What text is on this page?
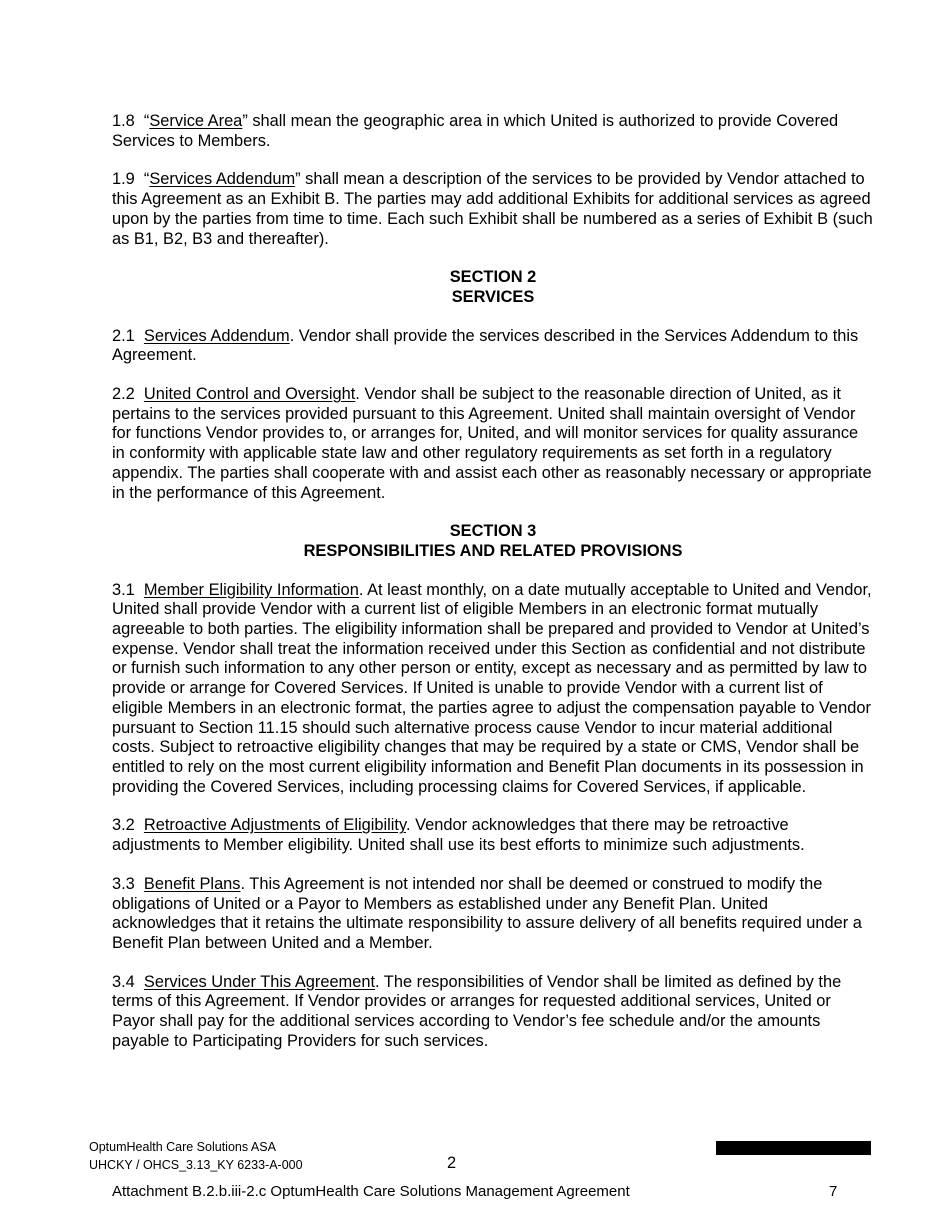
1.8 “Service Area” shall mean the geographic area in which United is authorized to provide Covered Services to Members.

1.9 “Services Addendum” shall mean a description of the services to be provided by Vendor attached to this Agreement as an Exhibit B. The parties may add additional Exhibits for additional services as agreed upon by the parties from time to time. Each such Exhibit shall be numbered as a series of Exhibit B (such as B1, B2, B3 and thereafter).

SECTION 2
SERVICES

2.1 Services Addendum. Vendor shall provide the services described in the Services Addendum to this Agreement.

2.2 United Control and Oversight. Vendor shall be subject to the reasonable direction of United, as it pertains to the services provided pursuant to this Agreement. United shall maintain oversight of Vendor for functions Vendor provides to, or arranges for, United, and will monitor services for quality assurance in conformity with applicable state law and other regulatory requirements as set forth in a regulatory appendix. The parties shall cooperate with and assist each other as reasonably necessary or appropriate in the performance of this Agreement.

SECTION 3
RESPONSIBILITIES AND RELATED PROVISIONS

3.1 Member Eligibility Information. At least monthly, on a date mutually acceptable to United and Vendor, United shall provide Vendor with a current list of eligible Members in an electronic format mutually agreeable to both parties. The eligibility information shall be prepared and provided to Vendor at United’s expense. Vendor shall treat the information received under this Section as confidential and not distribute or furnish such information to any other person or entity, except as necessary and as permitted by law to provide or arrange for Covered Services. If United is unable to provide Vendor with a current list of eligible Members in an electronic format, the parties agree to adjust the compensation payable to Vendor pursuant to Section 11.15 should such alternative process cause Vendor to incur material additional costs. Subject to retroactive eligibility changes that may be required by a state or CMS, Vendor shall be entitled to rely on the most current eligibility information and Benefit Plan documents in its possession in providing the Covered Services, including processing claims for Covered Services, if applicable.

3.2 Retroactive Adjustments of Eligibility. Vendor acknowledges that there may be retroactive adjustments to Member eligibility. United shall use its best efforts to minimize such adjustments.

3.3 Benefit Plans. This Agreement is not intended nor shall be deemed or construed to modify the obligations of United or a Payor to Members as established under any Benefit Plan. United acknowledges that it retains the ultimate responsibility to assure delivery of all benefits required under a Benefit Plan between United and a Member.

3.4 Services Under This Agreement. The responsibilities of Vendor shall be limited as defined by the terms of this Agreement. If Vendor provides or arranges for requested additional services, United or Payor shall pay for the additional services according to Vendor’s fee schedule and/or the amounts payable to Participating Providers for such services.

OptumHealth Care Solutions ASA
UHCKY / OHCS_3.13_KY 6233-A-000	2
Attachment B.2.b.iii-2.c OptumHealth Care Solutions Management Agreement	7
